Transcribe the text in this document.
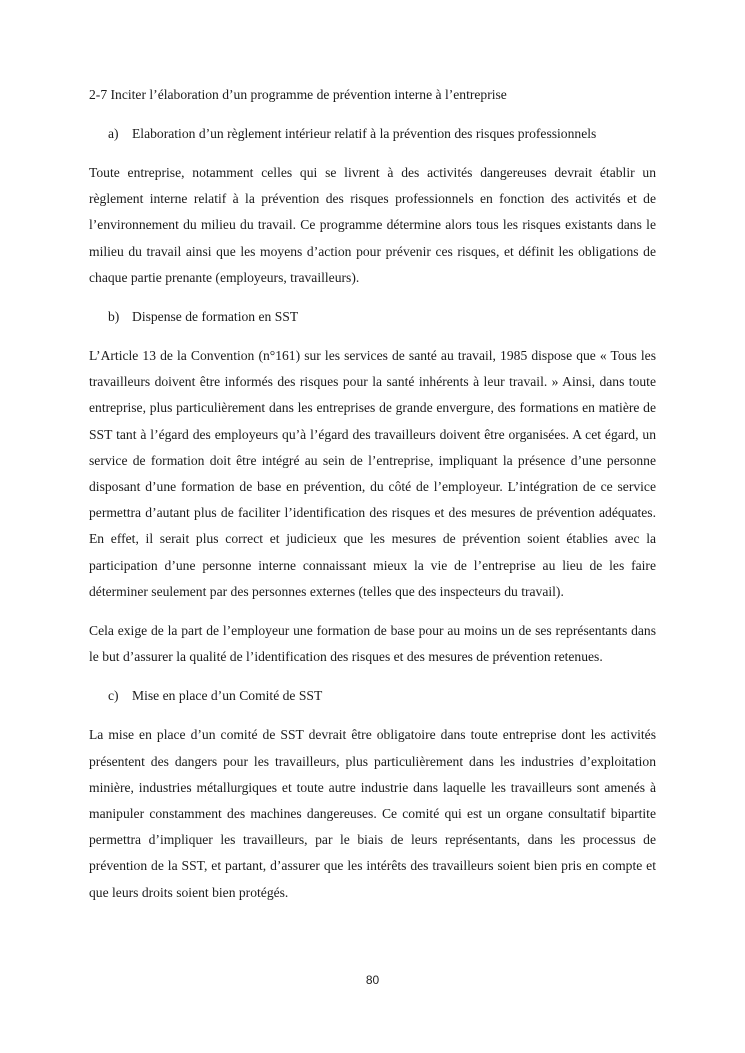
2-7 Inciter l’élaboration d’un programme de prévention interne à l’entreprise

a) Elaboration d’un règlement intérieur relatif à la prévention des risques professionnels

Toute entreprise, notamment celles qui se livrent à des activités dangereuses devrait établir un règlement interne relatif à la prévention des risques professionnels en fonction des activités et de l’environnement du milieu du travail. Ce programme détermine alors tous les risques existants dans le milieu du travail ainsi que les moyens d’action pour prévenir ces risques, et définit les obligations de chaque partie prenante (employeurs, travailleurs).

b) Dispense de formation en SST

L’Article 13 de la Convention (n°161) sur les services de santé au travail, 1985 dispose que « Tous les travailleurs doivent être informés des risques pour la santé inhérents à leur travail. » Ainsi, dans toute entreprise, plus particulièrement dans les entreprises de grande envergure, des formations en matière de SST tant à l’égard des employeurs qu’à l’égard des travailleurs doivent être organisées. A cet égard, un service de formation doit être intégré au sein de l’entreprise, impliquant la présence d’une personne disposant d’une formation de base en prévention, du côté de l’employeur. L’intégration de ce service permettra d’autant plus de faciliter l’identification des risques et des mesures de prévention adéquates. En effet, il serait plus correct et judicieux que les mesures de prévention soient établies avec la participation d’une personne interne connaissant mieux la vie de l’entreprise au lieu de les faire déterminer seulement par des personnes externes (telles que des inspecteurs du travail).

Cela exige de la part de l’employeur une formation de base pour au moins un de ses représentants dans le but d’assurer la qualité de l’identification des risques et des mesures de prévention retenues.

c) Mise en place d’un Comité de SST

La mise en place d’un comité de SST devrait être obligatoire dans toute entreprise dont les activités présentent des dangers pour les travailleurs, plus particulièrement dans les industries d’exploitation minière, industries métallurgiques et toute autre industrie dans laquelle les travailleurs sont amenés à manipuler constamment des machines dangereuses. Ce comité qui est un organe consultatif bipartite permettra d’impliquer les travailleurs, par le biais de leurs représentants, dans les processus de prévention de la SST, et partant, d’assurer que les intérêts des travailleurs soient bien pris en compte et que leurs droits soient bien protégés.

80
